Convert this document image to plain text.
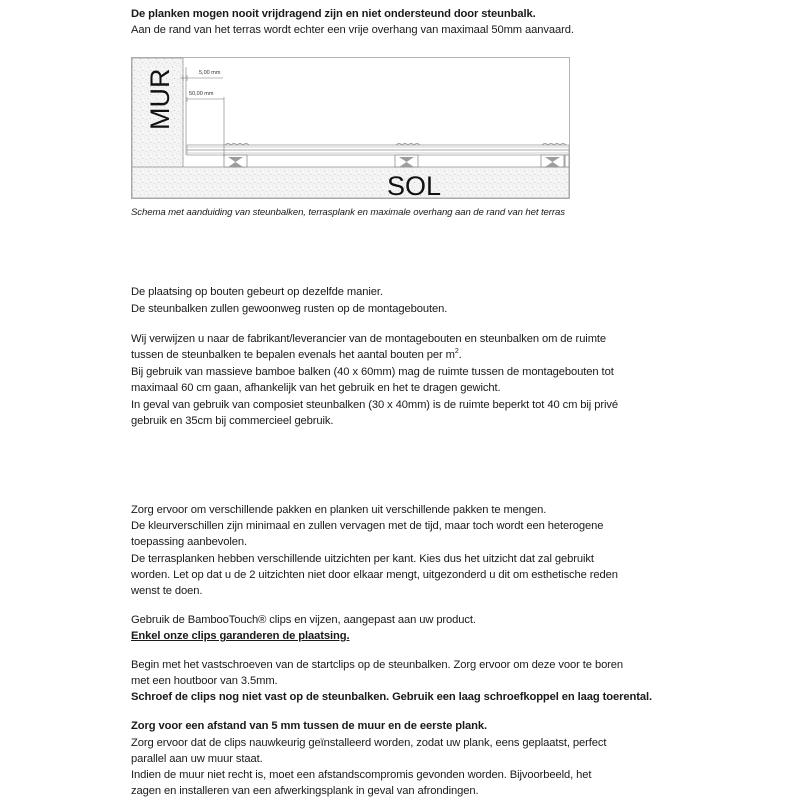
De planken mogen nooit vrijdragend zijn en niet ondersteund door steunbalk.

Aan de rand van het terras wordt echter een vrije overhang van maximaal 50mm aanvaard.

5,00 mm
50,00 mm
MUR
SOL

Schema met aanduiding van steunbalken, terrasplank en maximale overhang aan de rand van het terras

De plaatsing op bouten gebeurt op dezelfde manier.

De steunbalken zullen gewoonweg rusten op de montagebouten.

Wij verwijzen u naar de fabrikant/leverancier van de montagebouten en steunbalken om de ruimte

tussen de steunbalken te bepalen evenals het aantal bouten per $m^2$.

Bij gebruik van massieve bamboe balken (40 x 60mm) mag de ruimte tussen de montagebouten tot

maximaal 60 cm gaan, afhankelijk van het gebruik en het te dragen gewicht.

In geval van gebruik van composiet steunbalken (30 x 40mm) is de ruimte beperkt tot 40 cm bij privé

gebruik en 35cm bij commercieel gebruik.

Zorg ervoor om verschillende pakken en planken uit verschillende pakken te mengen.

De kleurverschillen zijn minimaal en zullen vervagen met de tijd, maar toch wordt een heterogene

toepassing aanbevolen.

De terrasplanken hebben verschillende uitzichten per kant. Kies dus het uitzicht dat zal gebruikt

worden. Let op dat u de 2 uitzichten niet door elkaar mengt, uitgezonderd u dit om esthetische reden

wenst te doen.

Gebruik de BambooTouch® clips en vijzen, aangepast aan uw product.

Enkel onze clips garanderen de plaatsing.

Begin met het vastschroeven van de startclips op de steunbalken. Zorg ervoor om deze voor te boren

met een houtboor van 3.5mm.

Schroef de clips nog niet vast op de steunbalken. Gebruik een laag schroefkoppel en laag toerental.

Zorg voor een afstand van 5 mm tussen de muur en de eerste plank.

Zorg ervoor dat de clips nauwkeurig geïnstalleerd worden, zodat uw plank, eens geplaatst, perfect

parallel aan uw muur staat.

Indien de muur niet recht is, moet een afstandscompromis gevonden worden. Bijvoorbeeld, het

zagen en installeren van een afwerkingsplank in geval van afrondingen.
